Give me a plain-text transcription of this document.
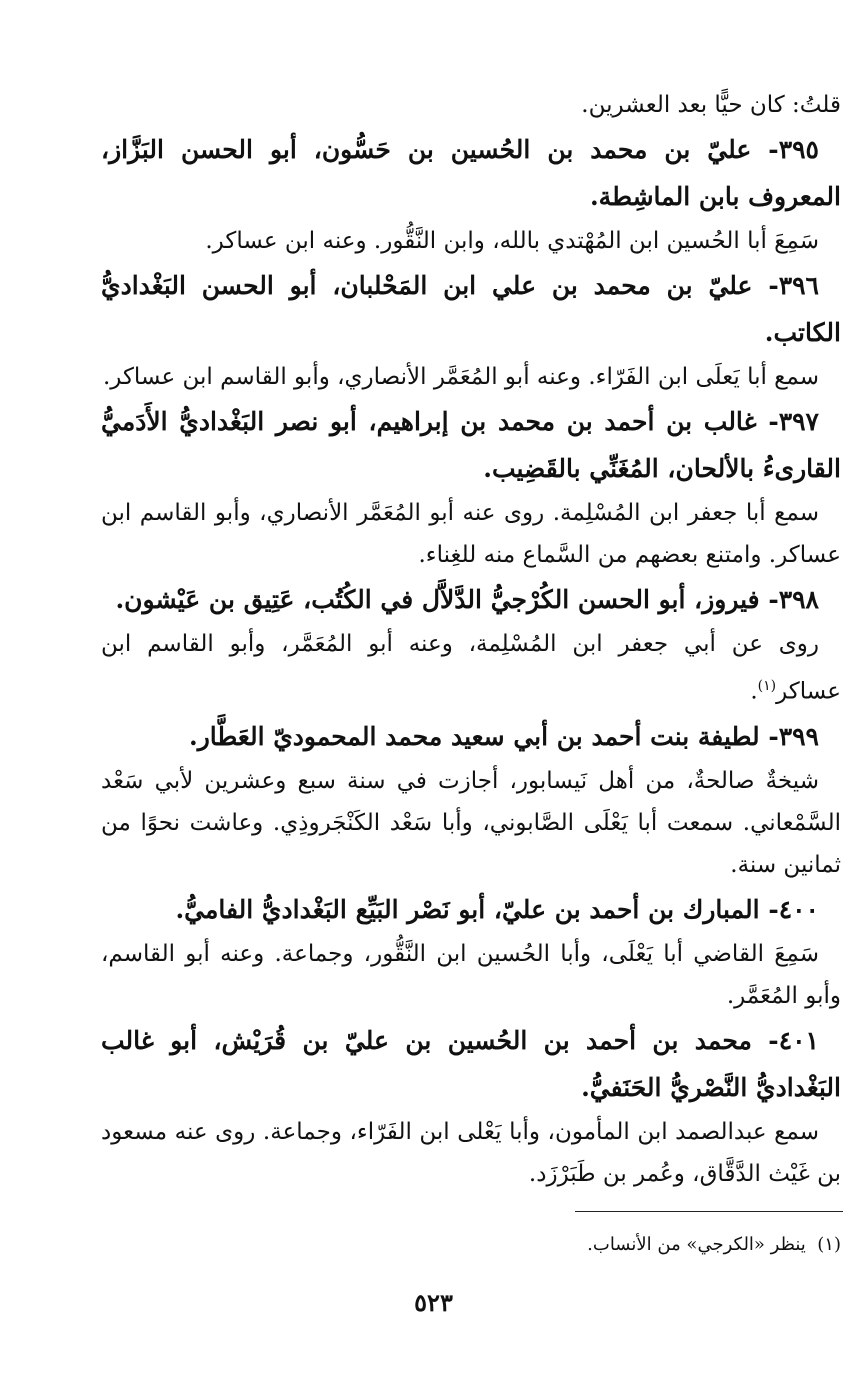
قلتُ: كان حيًّا بعد العشرين.

٣٩٥- عليّ بن محمد بن الحُسين بن حَسُّون، أبو الحسن البَزَّاز، المعروف بابن الماشِطة.

سَمِعَ أبا الحُسين ابن المُهْتدي بالله، وابن النَّقُّور. وعنه ابن عساكر.

٣٩٦- عليّ بن محمد بن علي ابن المَحْلبان، أبو الحسن البَغْداديُّ الكاتب.

سمع أبا يَعلَى ابن الفَرّاء. وعنه أبو المُعَمَّر الأنصاري، وأبو القاسم ابن عساكر.

٣٩٧- غالب بن أحمد بن محمد بن إبراهيم، أبو نصر البَغْداديُّ الأَدَميُّ القارىءُ بالألحان، المُغَنِّي بالقَضِيب.

سمع أبا جعفر ابن المُسْلِمة. روى عنه أبو المُعَمَّر الأنصاري، وأبو القاسم ابن عساكر. وامتنع بعضهم من السَّماع منه للغِناء.

٣٩٨- فيروز، أبو الحسن الكُرْجيُّ الدَّلاَّل في الكُتُب، عَتِيق بن عَيْشون.

روى عن أبي جعفر ابن المُسْلِمة، وعنه أبو المُعَمَّر، وأبو القاسم ابن عساكر$^{(١)}$.

٣٩٩- لطيفة بنت أحمد بن أبي سعيد محمد المحموديّ العَطَّار.

شيخةٌ صالحةٌ، من أهل نَيسابور، أجازت في سنة سبع وعشرين لأبي سَعْد السَّمْعاني. سمعت أبا يَعْلَى الصَّابوني، وأبا سَعْد الكَنْجَروذِي. وعاشت نحوًا من ثمانين سنة.

٤٠٠- المبارك بن أحمد بن عليّ، أبو نَصْر البَيِّع البَغْداديُّ الفاميُّ.

سَمِعَ القاضي أبا يَعْلَى، وأبا الحُسين ابن النَّقُّور، وجماعة. وعنه أبو القاسم، وأبو المُعَمَّر.

٤٠١- محمد بن أحمد بن الحُسين بن عليّ بن قُرَيْش، أبو غالب البَغْداديُّ النَّصْريُّ الحَنَفيُّ.

سمع عبدالصمد ابن المأمون، وأبا يَعْلى ابن الفَرّاء، وجماعة. روى عنه مسعود بن غَيْث الدَّقَّاق، وعُمر بن طَبَرْزَد.

(١)  ينظر «الكرجي» من الأنساب.

٥٢٣
